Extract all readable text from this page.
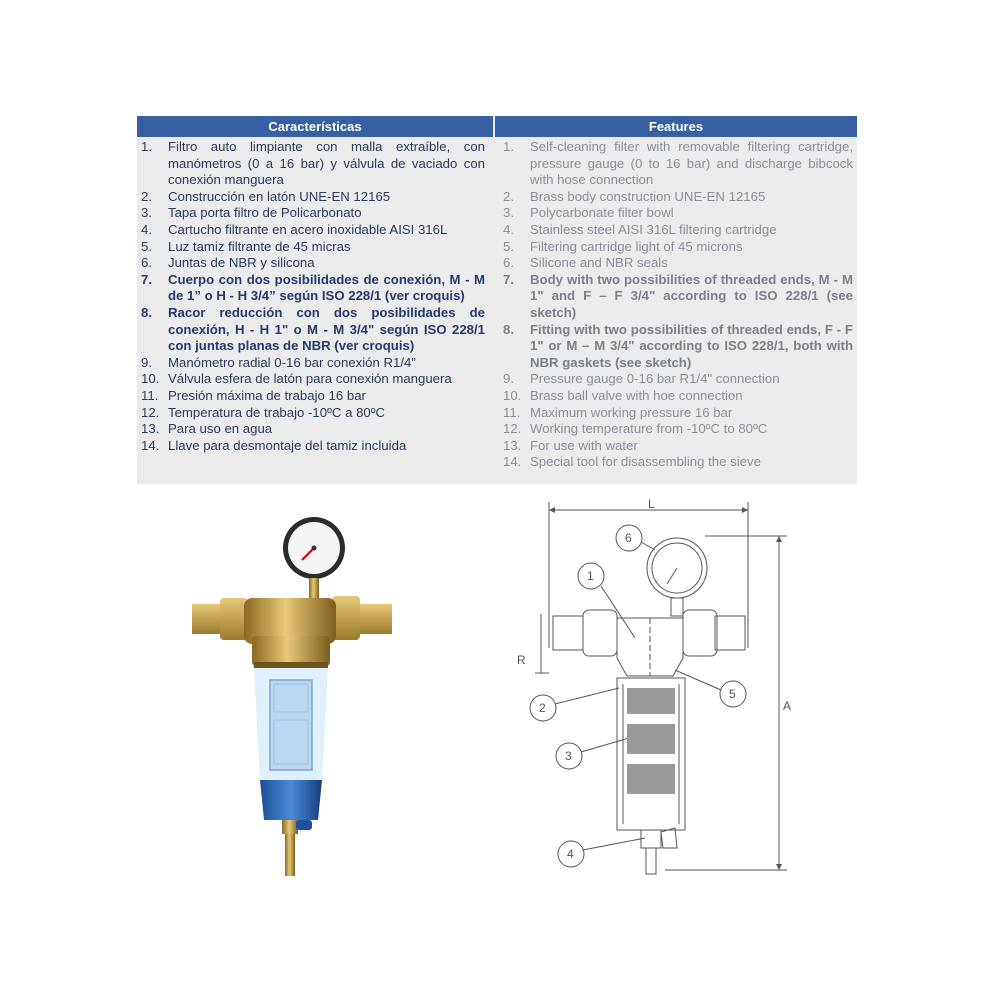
Características	Features
1.	Filtro auto limpiante con malla extraíble, con manómetros (0 a 16 bar) y válvula de vaciado con conexión manguera
2.	Construcción en latón UNE-EN 12165
3.	Tapa porta filtro de Policarbonato
4.	Cartucho filtrante en acero inoxidable AISI 316L
5.	Luz tamiz filtrante de 45 micras
6.	Juntas de NBR y silicona
7.	Cuerpo con dos posibilidades de conexión, M - M de 1” o H - H 3/4” según ISO 228/1 (ver croquis)
8.	Racor reducción con dos posibilidades de conexión, H - H 1" o M - M 3/4" según ISO 228/1 con juntas planas de NBR (ver croquis)
9.	Manómetro radial 0-16 bar conexión R1/4”
10. Válvula esfera de latón para conexión manguera
11. Presión máxima de trabajo 16 bar
12. Temperatura de trabajo -10ºC a 80ºC
13. Para uso en agua
14. Llave para desmontaje del tamiz incluida
1.	Self-cleaning filter with removable filtering cartridge, pressure gauge (0 to 16 bar) and discharge bibcock with hose connection
2.	Brass body construction UNE-EN 12165
3.	Polycarbonate filter bowl
4.	Stainless steel AISI 316L filtering cartridge
5.	Filtering cartridge light of 45 microns
6.	Silicone and NBR seals
7.	Body with two possibilities of threaded ends, M - M 1" and F – F 3/4" according to ISO 228/1 (see sketch)
8.	Fitting with two possibilities of threaded ends, F - F 1" or M – M 3/4" according to ISO 228/1, both with NBR gaskets (see sketch)
9.	Pressure gauge 0-16 bar R1/4" connection
10. Brass ball valve with hoe connection
11. Maximum working pressure 16 bar
12. Working temperature from -10ºC to 80ºC
13. For use with water
14. Special tool for disassembling the sieve
L
A
R
6
1
2
3
4
5
